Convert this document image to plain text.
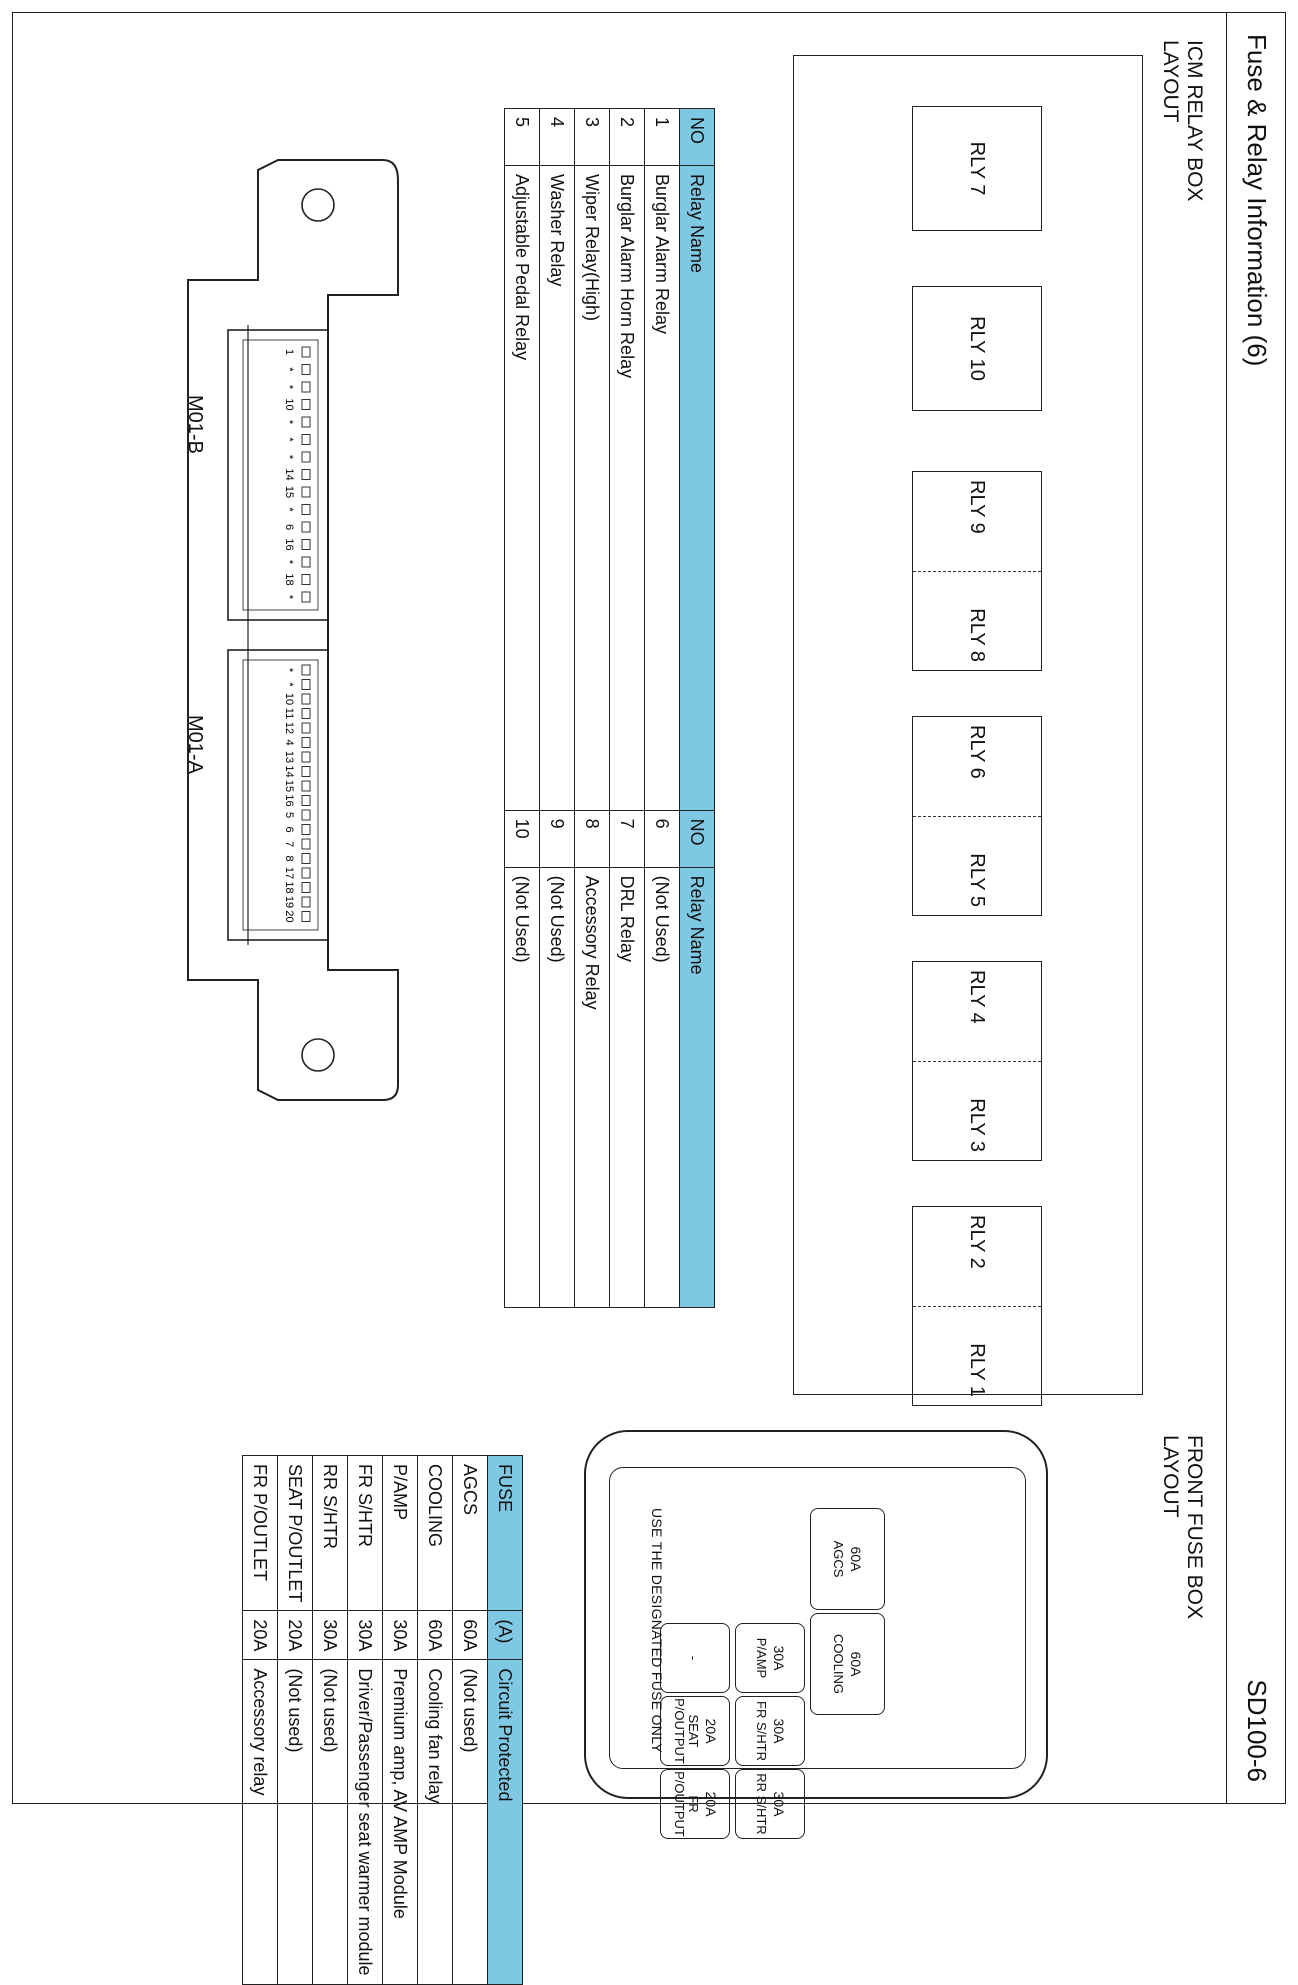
Fuse & Relay Information (6)
SD100-6
ICM RELAY BOX
LAYOUT
RLY 7
RLY 10
RLY 9
RLY 8
RLY 6
RLY 5
RLY 4
RLY 3
RLY 2
RLY 1
NO	Relay Name	NO	Relay Name
1	Burglar Alarm Relay	6	(Not Used)
2	Burglar Alarm Horn Relay	7	DRL Relay
3	Wiper Relay(High)	8	Accessory Relay
4	Washer Relay	9	(Not Used)
5	Adjustable Pedal Relay	10	(Not Used)
1
*
*
10
*
*
*
14
15
*
6
16
*
18
*
*
*
10
11
12
4
13
14
15
16
5
6
7
8
17
18
19
20
M01-B
M01-A
FRONT FUSE BOX
LAYOUT
60A
AGCS
60A
COOLING
30A
P/AMP
-
30A
FR S/HTR
20A
SEAT P/OUTPUT
30A
RR S/HTR
20A
FR P/OUTPUT
USE THE DESIGNATED FUSE ONLY
FUSE	(A)	Circuit Protected
AGCS	60A	(Not used)
COOLING	60A	Cooling fan relay
P/AMP	30A	Premium amp, AV AMP Module
FR S/HTR	30A	Driver/Passenger seat warmer module
RR S/HTR	30A	(Not used)
SEAT P/OUTLET	20A	(Not used)
FR P/OUTLET	20A	Accessory relay
